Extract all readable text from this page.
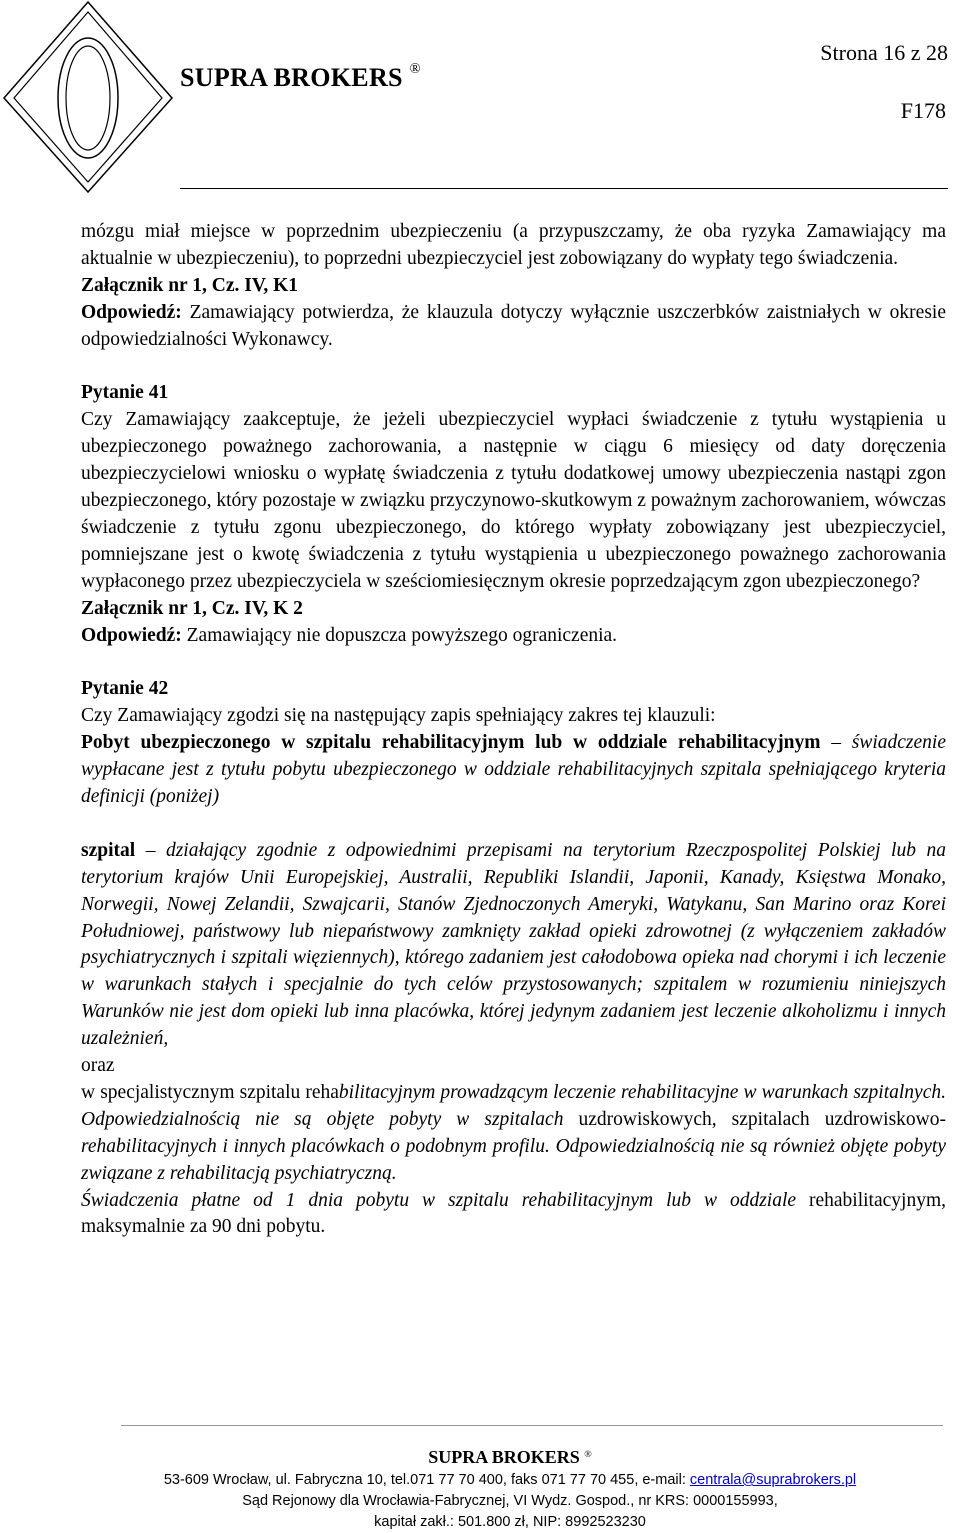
SUPRA BROKERS ®
Strona 16 z 28
F178

mózgu miał miejsce w poprzednim ubezpieczeniu (a przypuszczamy, że oba ryzyka Zamawiający ma aktualnie w ubezpieczeniu), to poprzedni ubezpieczyciel jest zobowiązany do wypłaty tego świadczenia.

Załącznik nr 1, Cz. IV, K1

Odpowiedź: Zamawiający potwierdza, że klauzula dotyczy wyłącznie uszczerbków zaistniałych w okresie odpowiedzialności Wykonawcy.

Pytanie 41

Czy Zamawiający zaakceptuje, że jeżeli ubezpieczyciel wypłaci świadczenie z tytułu wystąpienia u ubezpieczonego poważnego zachorowania, a następnie w ciągu 6 miesięcy od daty doręczenia ubezpieczycielowi wniosku o wypłatę świadczenia z tytułu dodatkowej umowy ubezpieczenia nastąpi zgon ubezpieczonego, który pozostaje w związku przyczynowo-skutkowym z poważnym zachorowaniem, wówczas świadczenie z tytułu zgonu ubezpieczonego, do którego wypłaty zobowiązany jest ubezpieczyciel, pomniejszane jest o kwotę świadczenia z tytułu wystąpienia u ubezpieczonego poważnego zachorowania wypłaconego przez ubezpieczyciela w sześciomiesięcznym okresie poprzedzającym zgon ubezpieczonego?

Załącznik nr 1, Cz. IV, K 2

Odpowiedź: Zamawiający nie dopuszcza powyższego ograniczenia.

Pytanie 42

Czy Zamawiający zgodzi się na następujący zapis spełniający zakres tej klauzuli:

Pobyt ubezpieczonego w szpitalu rehabilitacyjnym lub w oddziale rehabilitacyjnym – świadczenie wypłacane jest z tytułu pobytu ubezpieczonego w oddziale rehabilitacyjnych szpitala spełniającego kryteria definicji (poniżej)

szpital – działający zgodnie z odpowiednimi przepisami na terytorium Rzeczpospolitej Polskiej lub na terytorium krajów Unii Europejskiej, Australii, Republiki Islandii, Japonii, Kanady, Księstwa Monako, Norwegii, Nowej Zelandii, Szwajcarii, Stanów Zjednoczonych Ameryki, Watykanu, San Marino oraz Korei Południowej, państwowy lub niepaństwowy zamknięty zakład opieki zdrowotnej (z wyłączeniem zakładów psychiatrycznych i szpitali więziennych), którego zadaniem jest całodobowa opieka nad chorymi i ich leczenie w warunkach stałych i specjalnie do tych celów przystosowanych; szpitalem w rozumieniu niniejszych Warunków nie jest dom opieki lub inna placówka, której jedynym zadaniem jest leczenie alkoholizmu i innych uzależnień,

oraz

w specjalistycznym szpitalu rehabilitacyjnym prowadzącym leczenie rehabilitacyjne w warunkach szpitalnych. Odpowiedzialnością nie są objęte pobyty w szpitalach uzdrowiskowych, szpitalach uzdrowiskowo-rehabilitacyjnych i innych placówkach o podobnym profilu. Odpowiedzialnością nie są również objęte pobyty związane z rehabilitacją psychiatryczną.

Świadczenia płatne od 1 dnia pobytu w szpitalu rehabilitacyjnym lub w oddziale rehabilitacyjnym, maksymalnie za 90 dni pobytu.

SUPRA BROKERS ®
53-609 Wrocław, ul. Fabryczna 10, tel.071 77 70 400, faks 071 77 70 455, e-mail: centrala@suprabrokers.pl
Sąd Rejonowy dla Wrocławia-Fabrycznej, VI Wydz. Gospod., nr KRS: 0000155993,
kapitał zakł.: 501.800 zł, NIP: 8992523230
